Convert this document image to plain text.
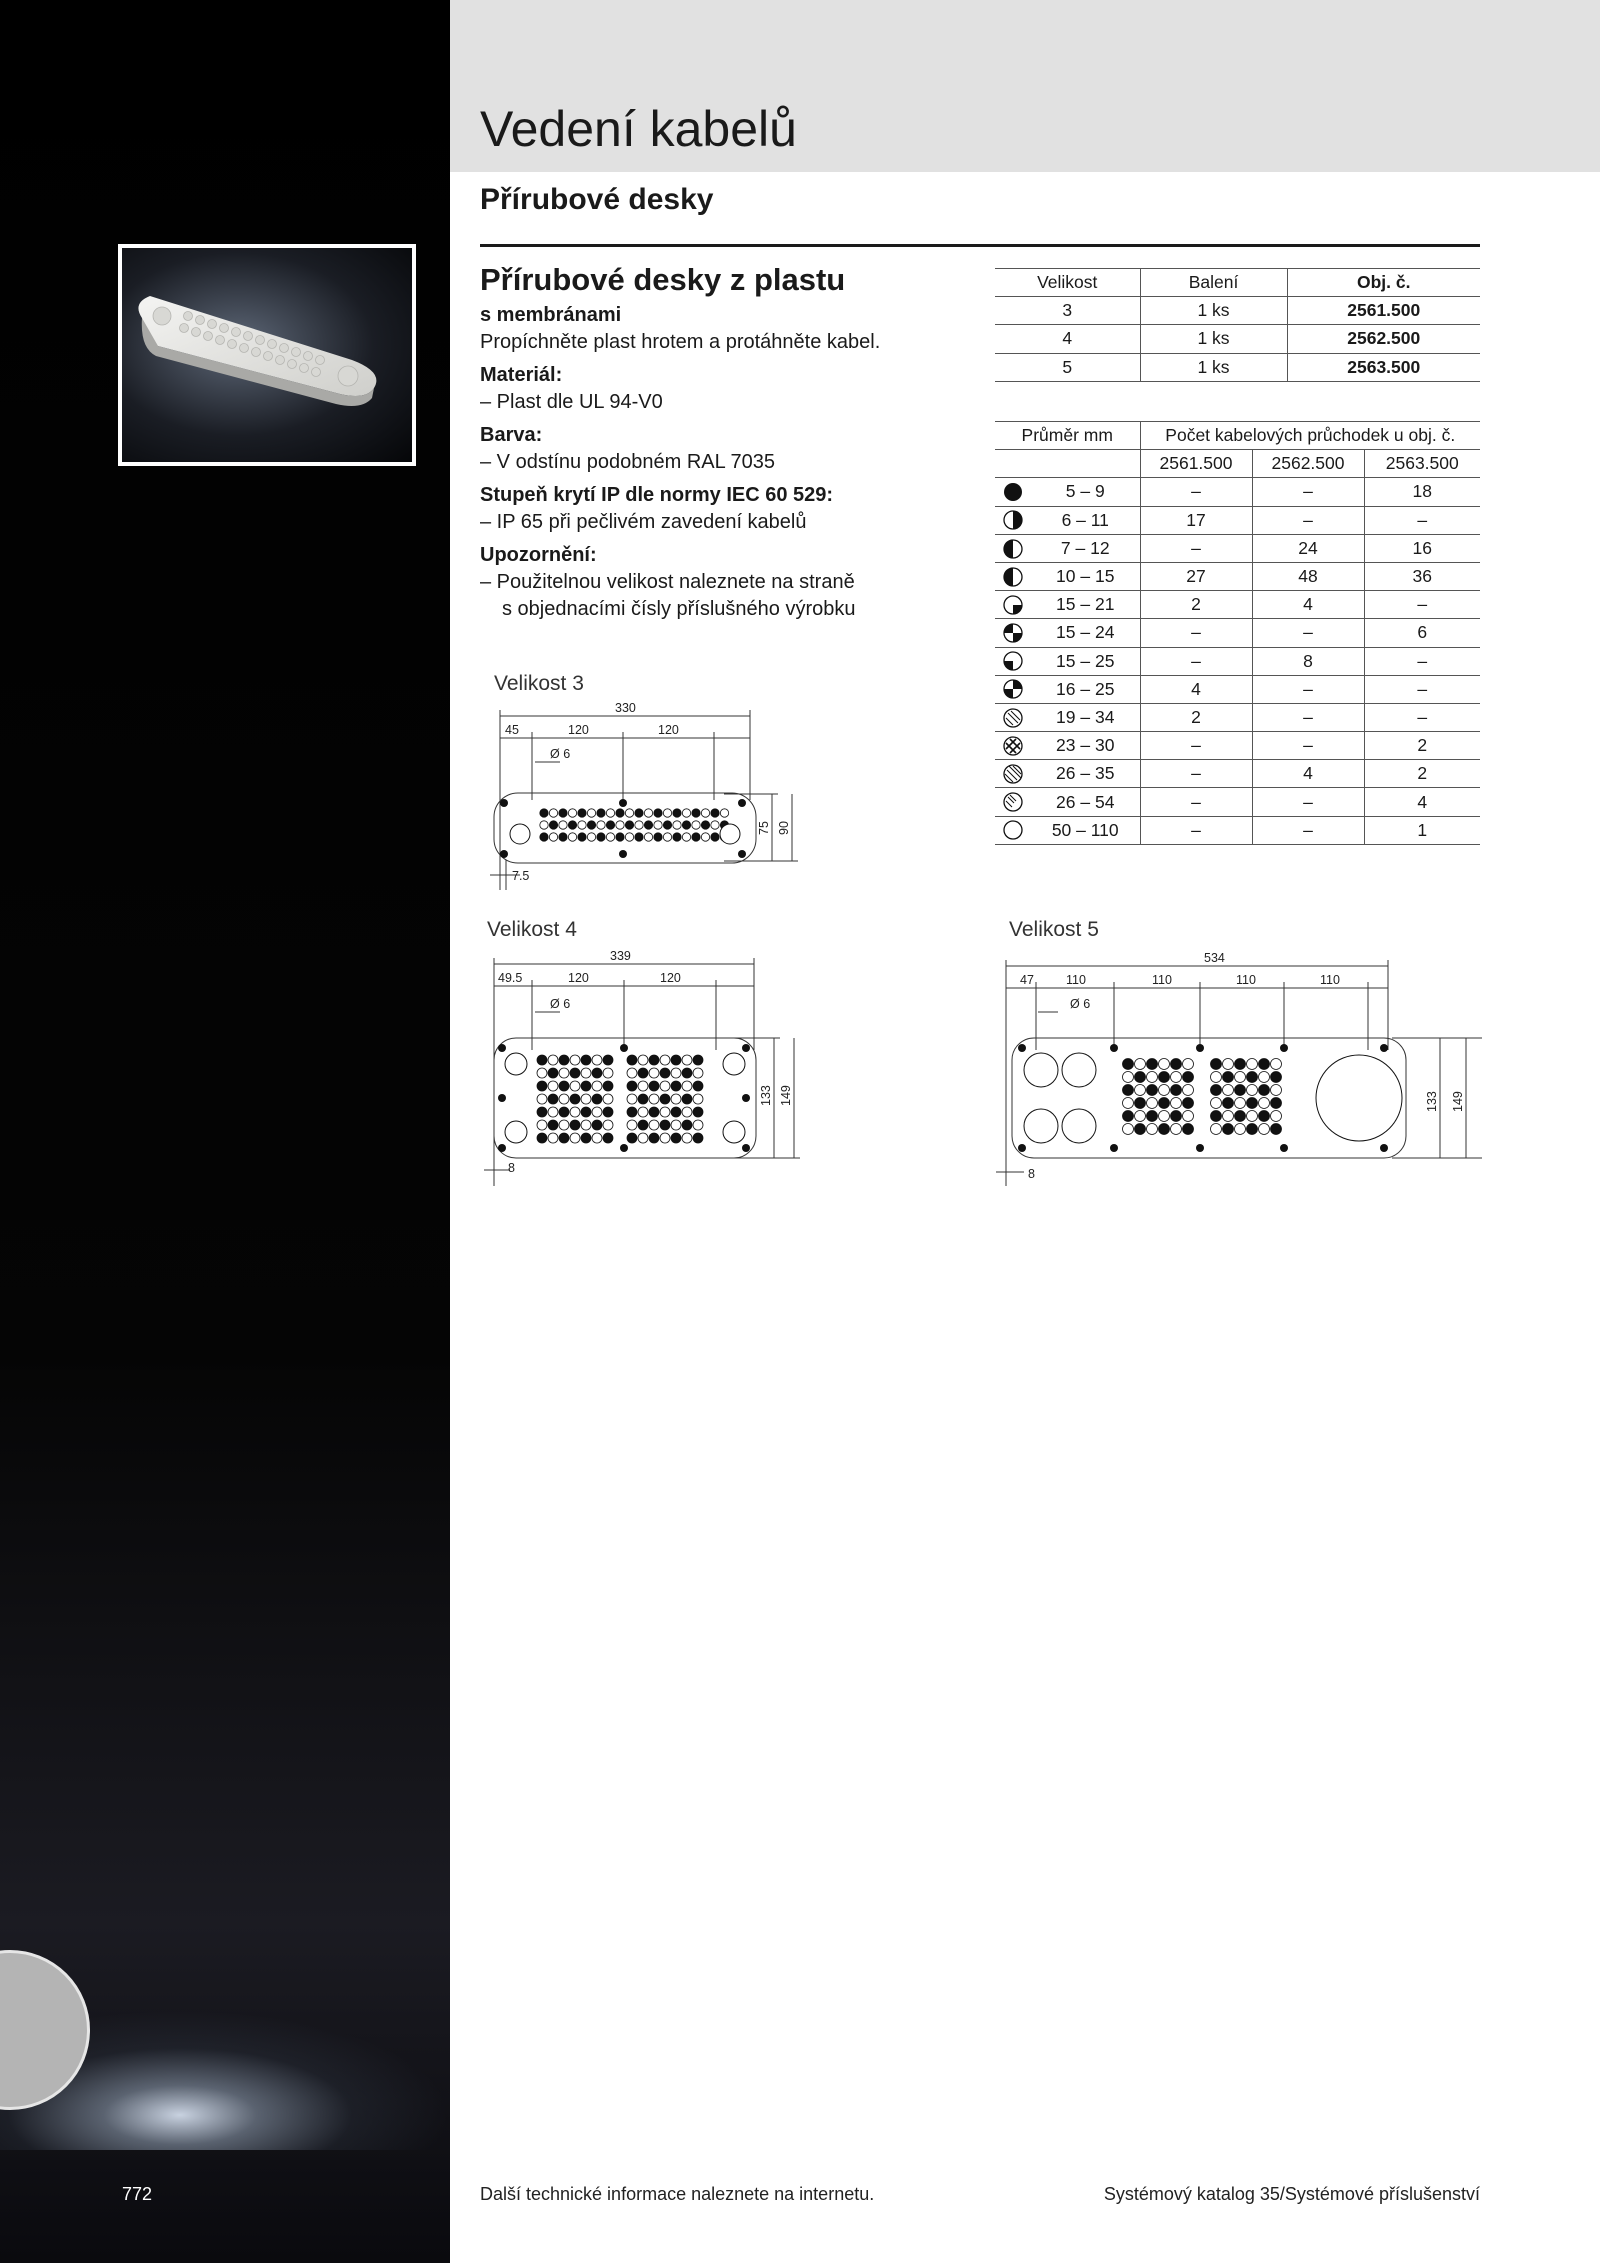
772
Vedení kabelů
Přírubové desky
Přírubové desky z plastu
s membránami
Propíchněte plast hrotem a protáhněte kabel.
Materiál:
– Plast dle UL 94-V0
Barva:
– V odstínu podobném RAL 7035
Stupeň krytí IP dle normy IEC 60 529:
– IP 65 při pečlivém zavedení kabelů
Upozornění:
– Použitelnou velikost naleznete na straně
s objednacími čísly příslušného výrobku
Velikost	Balení	Obj. č.
3	1 ks	2561.500
4	1 ks	2562.500
5	1 ks	2563.500
Průměr mm		Počet kabelových průchodek u obj. č.		
		2561.500	2562.500	2563.500
	5 – 9	–	–	18
	6 – 11	17	–	–
	7 – 12	–	24	16
	10 – 15	27	48	36
	15 – 21	2	4	–
	15 – 24	–	–	6
	15 – 25	–	8	–
	16 – 25	4	–	–
	19 – 34	2	–	–
	23 – 30	–	–	2
	26 – 35	–	4	2
	26 – 54	–	–	4
	50 – 110	–	–	1
Velikost 3
330
45	120	120
Ø 6
75 90
7.5
Velikost 4
339
49.5	120	120
Ø 6
133 149
8
Velikost 5
534
47	110	110	110	110
Ø 6
133 149
8
Další technické informace naleznete na internetu.	Systémový katalog 35/Systémové příslušenství
